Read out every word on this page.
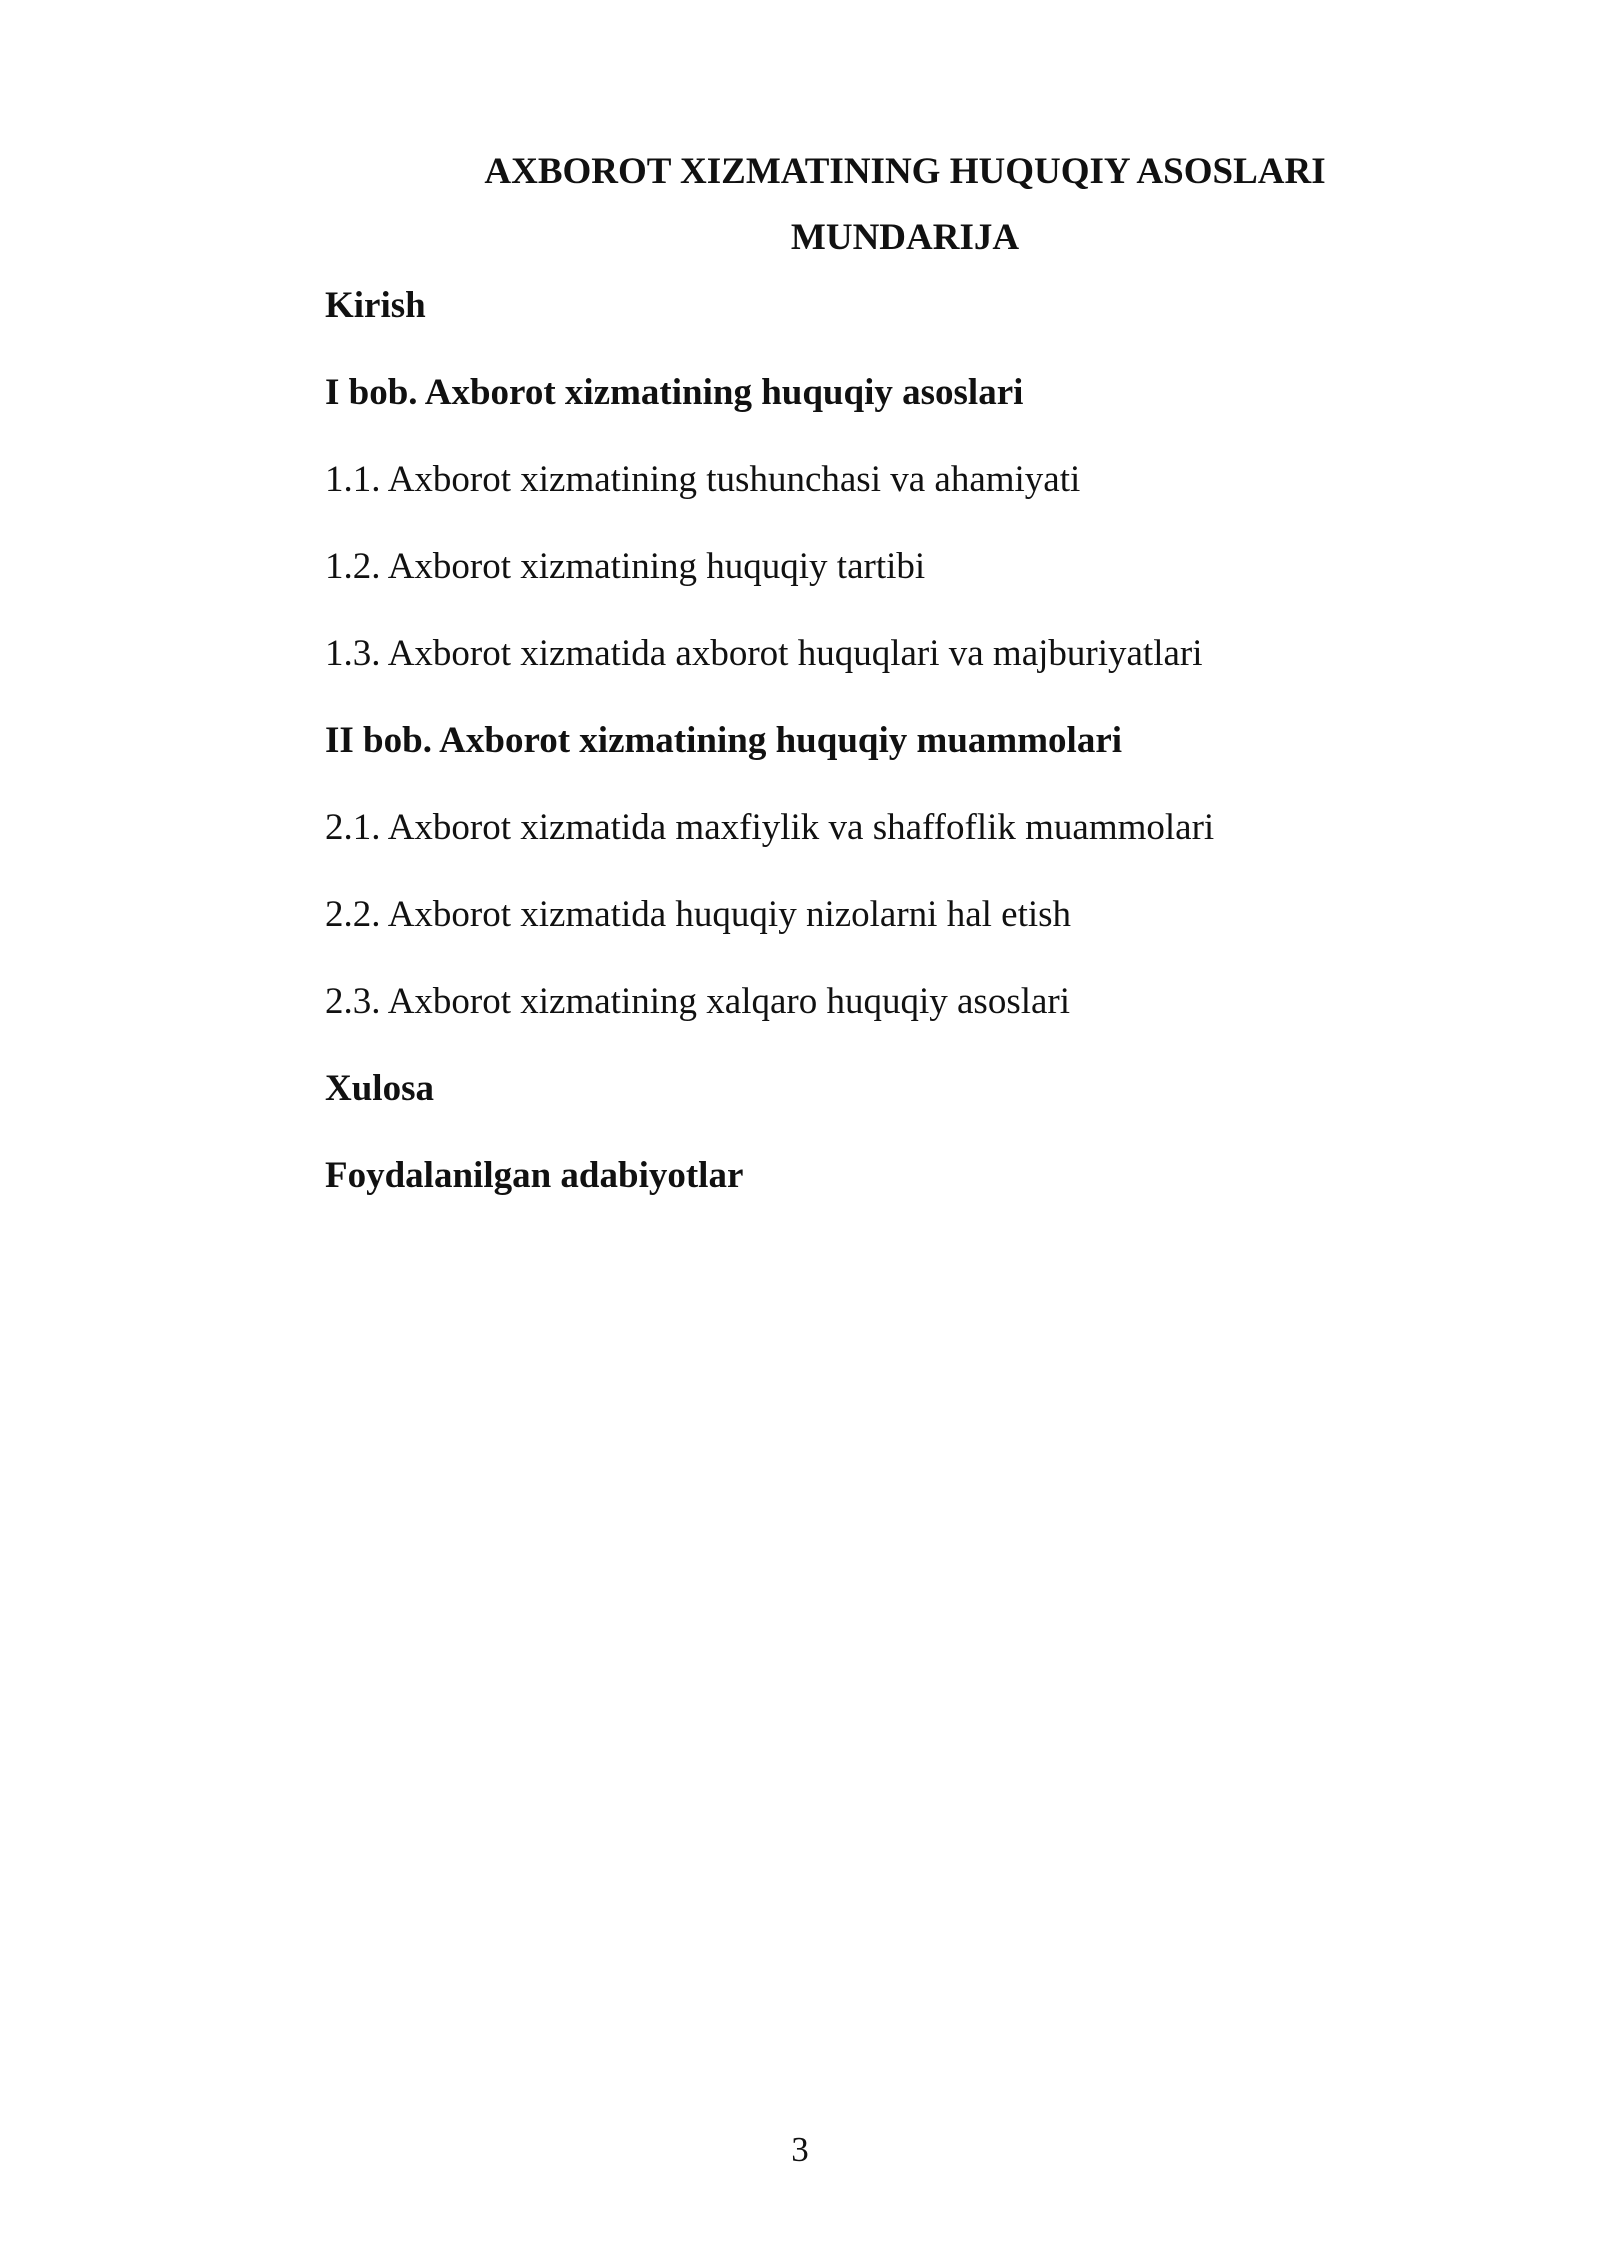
AXBOROT XIZMATINING HUQUQIY ASOSLARI
MUNDARIJA
Kirish
I bob. Axborot xizmatining huquqiy asoslari
1.1. Axborot xizmatining tushunchasi va ahamiyati
1.2. Axborot xizmatining huquqiy tartibi
1.3. Axborot xizmatida axborot huquqlari va majburiyatlari
II bob. Axborot xizmatining huquqiy muammolari
2.1. Axborot xizmatida maxfiylik va shaffoflik muammolari
2.2. Axborot xizmatida huquqiy nizolarni hal etish
2.3. Axborot xizmatining xalqaro huquqiy asoslari
Xulosa
Foydalanilgan adabiyotlar
3
